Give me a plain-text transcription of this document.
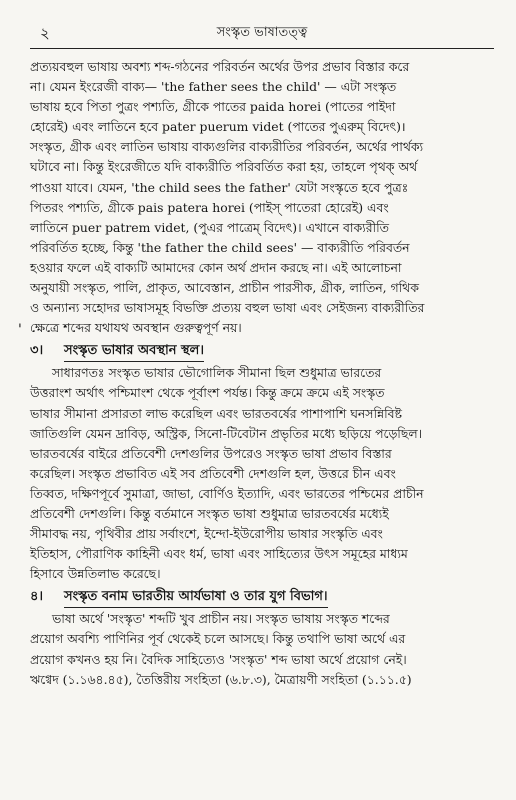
২	সংস্কৃত ভাষাতত্ত্ব
'

প্রত্যয়বহুল ভাষায় অবশ্য শব্দ-গঠনের পরিবর্তন অর্থের উপর প্রভাব বিস্তার করে

না। যেমন ইংরেজী বাক্য— 'the father sees the child' — এটা সংস্কৃত

ভাষায় হবে পিতা পুত্রং পশ্যতি, গ্রীকে পাতের paida horei (পাতের পাইদা

হোরেই) এবং লাতিনে হবে pater puerum videt (পাতের পুএরুম্ বিদেৎ)।

সংস্কৃত, গ্রীক এবং লাতিন ভাষায় বাক্যগুলির বাক্যরীতির পরিবর্তন, অর্থের পার্থক্য

ঘটাবে না। কিন্তু ইংরেজীতে যদি বাক্যরীতি পরিবর্তিত করা হয়, তাহলে পৃথক্ অর্থ

পাওয়া যাবে। যেমন, 'the child sees the father' যেটা সংস্কৃতে হবে পুত্রঃ

পিতরং পশ্যতি, গ্রীকে pais patera horei (পাইস্ পাতেরা হোরেই) এবং

লাতিনে puer patrem videt, (পুএর পাত্রেম্ বিদেৎ)। এখানে বাক্যরীতি

পরিবর্তিত হচ্ছে, কিন্তু 'the father the child sees' — বাক্যরীতি পরিবর্তন

হওয়ার ফলে এই বাক্যটি আমাদের কোন অর্থ প্রদান করছে না। এই আলোচনা

অনুযায়ী সংস্কৃত, পালি, প্রাকৃত, আবেস্তান, প্রাচীন পারসীক, গ্রীক, লাতিন, গথিক

ও অন্যান্য সহোদর ভাষাসমূহ বিভক্তি প্রত্যয় বহুল ভাষা এবং সেইজন্য বাক্যরীতির

ক্ষেত্রে শব্দের যথাযথ অবস্থান গুরুত্বপূর্ণ নয়।

৩।	সংস্কৃত ভাষার অবস্থান স্থল।

সাধারণতঃ সংস্কৃত ভাষার ভৌগোলিক সীমানা ছিল শুধুমাত্র ভারতের

উত্তরাংশ অর্থাৎ পশ্চিমাংশ থেকে পূর্বাংশ পর্যন্ত। কিন্তু ক্রমে ক্রমে এই সংস্কৃত

ভাষার সীমানা প্রসারতা লাভ করেছিল এবং ভারতবর্ষের পাশাপাশি ঘনসন্নিবিষ্ট

জাতিগুলি যেমন দ্রাবিড়, অস্ট্রিক, সিনো-টিবেটান প্রভৃতির মধ্যে ছড়িয়ে পড়েছিল।

ভারতবর্ষের বাইরে প্রতিবেশী দেশগুলির উপরেও সংস্কৃত ভাষা প্রভাব বিস্তার

করেছিল। সংস্কৃত প্রভাবিত এই সব প্রতিবেশী দেশগুলি হল, উত্তরে চীন এবং

তিব্বত, দক্ষিণপূর্বে সুমাত্রা, জাভা, বোর্ণিও ইত্যাদি, এবং ভারতের পশ্চিমের প্রাচীন

প্রতিবেশী দেশগুলি। কিন্তু বর্তমানে সংস্কৃত ভাষা শুধুমাত্র ভারতবর্ষের মধ্যেই

সীমাবদ্ধ নয়, পৃথিবীর প্রায় সর্বাংশে, ইন্দো-ইউরোপীয় ভাষার সংস্কৃতি এবং

ইতিহাস, পৌরাণিক কাহিনী এবং ধর্ম, ভাষা এবং সাহিত্যের উৎস সমূহের মাধ্যম

হিসাবে উন্নতিলাভ করেছে।

৪।	সংস্কৃত বনাম ভারতীয় আর্যভাষা ও তার যুগ বিভাগ।

ভাষা অর্থে 'সংস্কৃত' শব্দটি খুব প্রাচীন নয়। সংস্কৃত ভাষায় সংস্কৃত শব্দের

প্রয়োগ অবশ্যি পাণিনির পূর্ব থেকেই চলে আসছে। কিন্তু তথাপি ভাষা অর্থে এর

প্রয়োগ কখনও হয় নি। বৈদিক সাহিত্যেও 'সংস্কৃত' শব্দ ভাষা অর্থে প্রয়োগ নেই।

ঋগ্বেদ (১.১৬৪.৪৫), তৈত্তিরীয় সংহিতা (৬.৮.৩), মৈত্রায়ণী সংহিতা (১.১১.৫)
